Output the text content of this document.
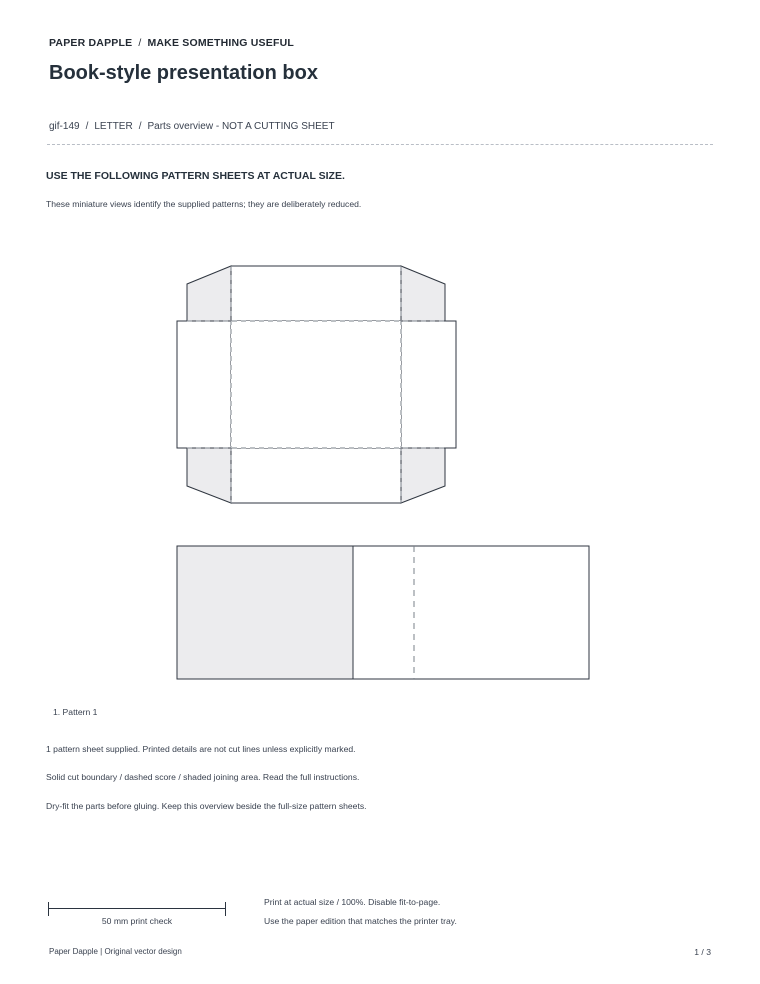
PAPER DAPPLE / MAKE SOMETHING USEFUL
Book-style presentation box
gif-149 / LETTER / Parts overview - NOT A CUTTING SHEET
USE THE FOLLOWING PATTERN SHEETS AT ACTUAL SIZE.
These miniature views identify the supplied patterns; they are deliberately reduced.
1. Pattern 1
1 pattern sheet supplied. Printed details are not cut lines unless explicitly marked.
Solid cut boundary / dashed score / shaded joining area. Read the full instructions.
Dry-fit the parts before gluing. Keep this overview beside the full-size pattern sheets.
50 mm print check
Print at actual size / 100%. Disable fit-to-page.
Use the paper edition that matches the printer tray.
Paper Dapple | Original vector design	1 / 3
